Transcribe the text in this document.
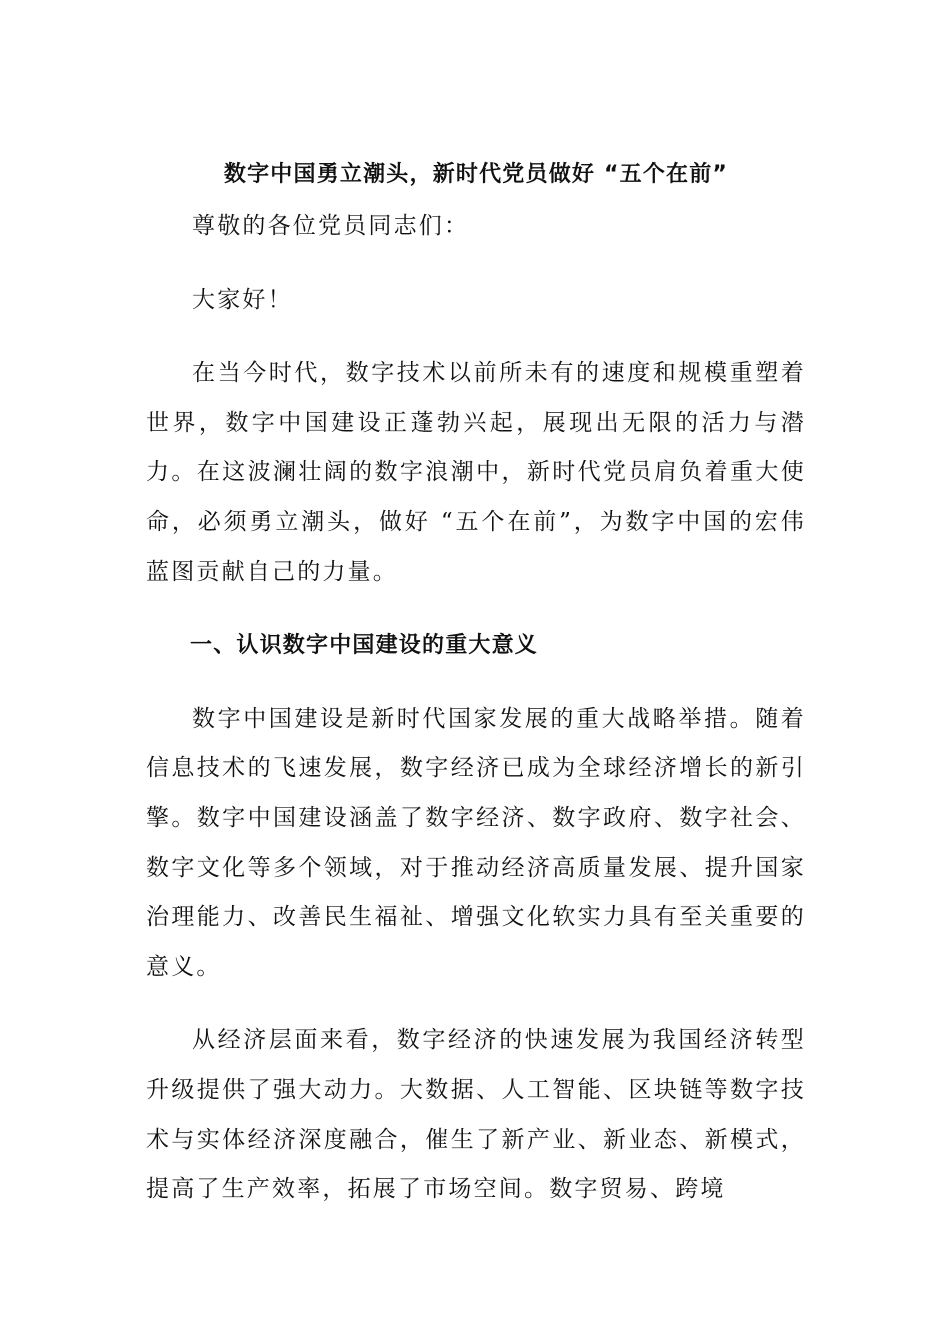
数字中国勇立潮头，新时代党员做好 “五个在前”
尊敬的各位党员同志们：
大家好！
在当今时代，数字技术以前所未有的速度和规模重塑着世界，数字中国建设正蓬勃兴起，展现出无限的活力与潜力。在这波澜壮阔的数字浪潮中，新时代党员肩负着重大使命，必须勇立潮头，做好 “五个在前”，为数字中国的宏伟蓝图贡献自己的力量。
一、认识数字中国建设的重大意义
数字中国建设是新时代国家发展的重大战略举措。随着信息技术的飞速发展，数字经济已成为全球经济增长的新引擎。数字中国建设涵盖了数字经济、数字政府、数字社会、数字文化等多个领域，对于推动经济高质量发展、提升国家治理能力、改善民生福祉、增强文化软实力具有至关重要的意义。
从经济层面来看，数字经济的快速发展为我国经济转型升级提供了强大动力。大数据、人工智能、区块链等数字技术与实体经济深度融合，催生了新产业、新业态、新模式，提高了生产效率，拓展了市场空间。数字贸易、跨境
